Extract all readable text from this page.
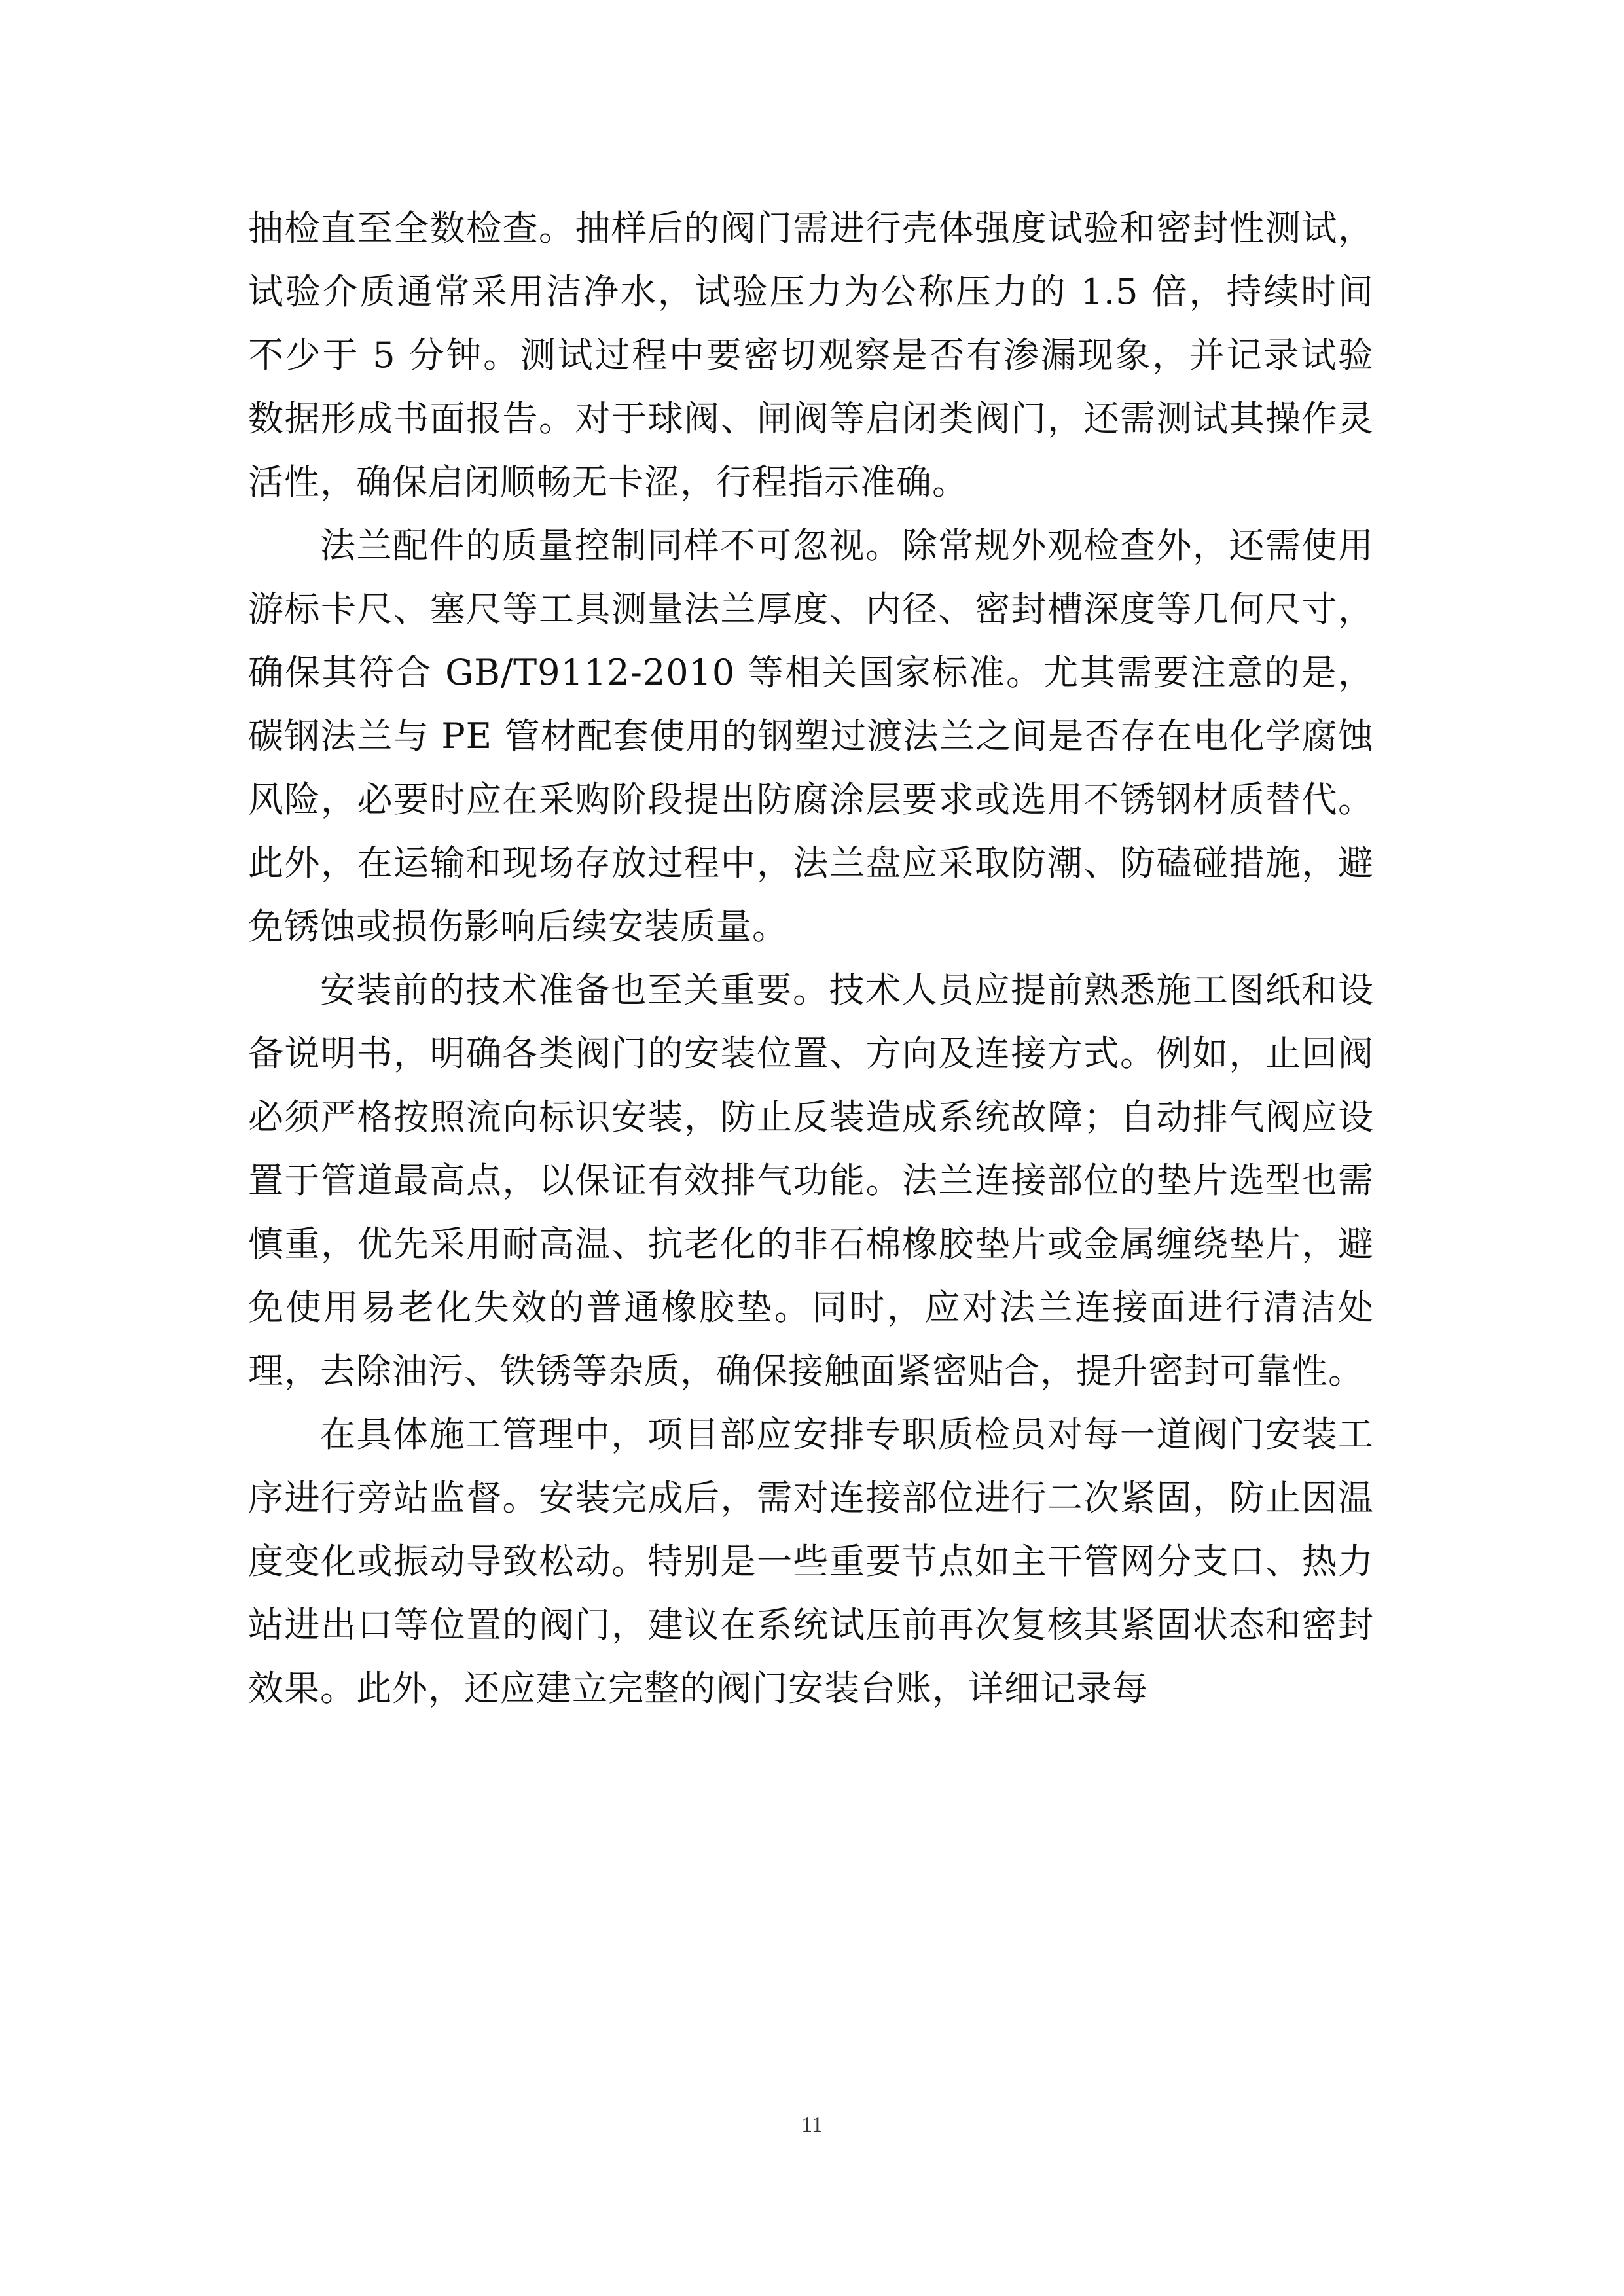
抽检直至全数检查。抽样后的阀门需进行壳体强度试验和密封性测试，试验介质通常采用洁净水，试验压力为公称压力的 1.5 倍，持续时间不少于 5 分钟。测试过程中要密切观察是否有渗漏现象，并记录试验数据形成书面报告。对于球阀、闸阀等启闭类阀门，还需测试其操作灵活性，确保启闭顺畅无卡涩，行程指示准确。

法兰配件的质量控制同样不可忽视。除常规外观检查外，还需使用游标卡尺、塞尺等工具测量法兰厚度、内径、密封槽深度等几何尺寸，确保其符合 GB/T9112-2010 等相关国家标准。尤其需要注意的是，碳钢法兰与 PE 管材配套使用的钢塑过渡法兰之间是否存在电化学腐蚀风险，必要时应在采购阶段提出防腐涂层要求或选用不锈钢材质替代。此外，在运输和现场存放过程中，法兰盘应采取防潮、防磕碰措施，避免锈蚀或损伤影响后续安装质量。

安装前的技术准备也至关重要。技术人员应提前熟悉施工图纸和设备说明书，明确各类阀门的安装位置、方向及连接方式。例如，止回阀必须严格按照流向标识安装，防止反装造成系统故障；自动排气阀应设置于管道最高点，以保证有效排气功能。法兰连接部位的垫片选型也需慎重，优先采用耐高温、抗老化的非石棉橡胶垫片或金属缠绕垫片，避免使用易老化失效的普通橡胶垫。同时，应对法兰连接面进行清洁处理，去除油污、铁锈等杂质，确保接触面紧密贴合，提升密封可靠性。

在具体施工管理中，项目部应安排专职质检员对每一道阀门安装工序进行旁站监督。安装完成后，需对连接部位进行二次紧固，防止因温度变化或振动导致松动。特别是一些重要节点如主干管网分支口、热力站进出口等位置的阀门，建议在系统试压前再次复核其紧固状态和密封效果。此外，还应建立完整的阀门安装台账，详细记录每

11
